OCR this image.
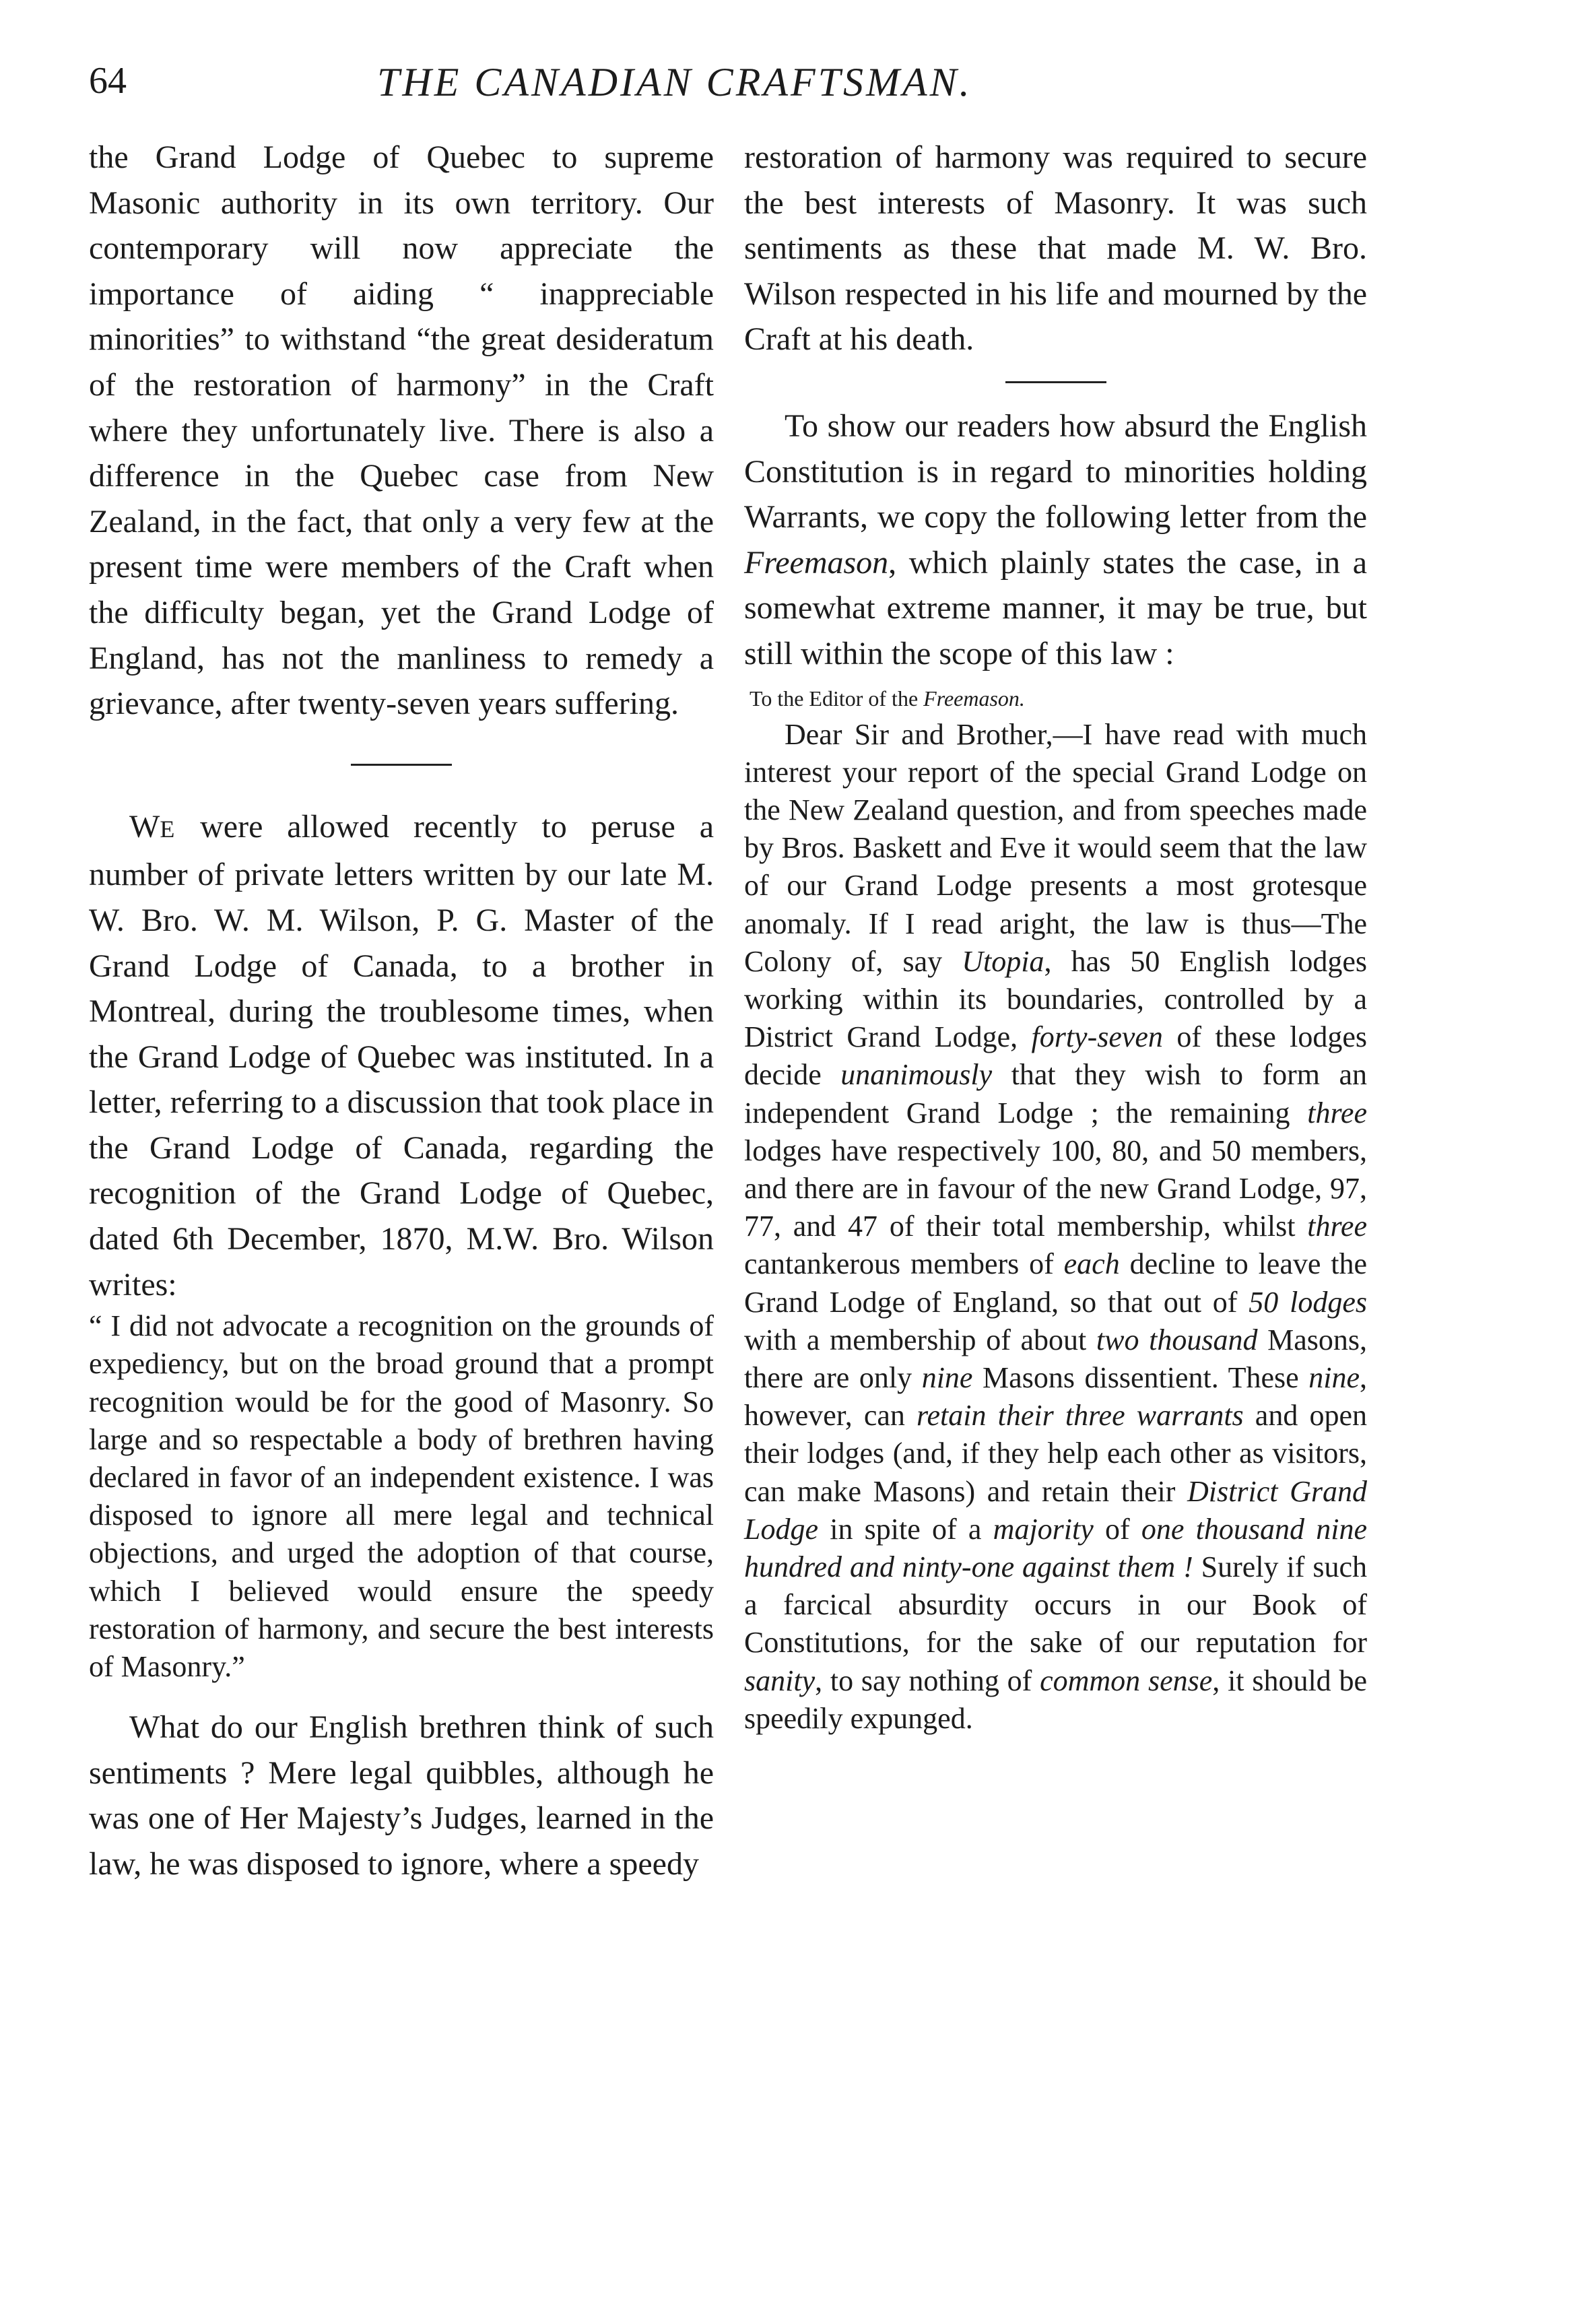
64	THE CANADIAN CRAFTSMAN.

the Grand Lodge of Quebec to supreme Masonic authority in its own territory. Our contemporary will now appreciate the importance of aiding “ inappreciable minorities” to withstand “the great desideratum of the restoration of harmony” in the Craft where they unfortunately live. There is also a difference in the Quebec case from New Zealand, in the fact, that only a very few at the present time were members of the Craft when the difficulty began, yet the Grand Lodge of England, has not the manliness to remedy a grievance, after twenty-seven years suffering.

WE were allowed recently to peruse a number of private letters written by our late M. W. Bro. W. M. Wilson, P. G. Master of the Grand Lodge of Canada, to a brother in Montreal, during the troublesome times, when the Grand Lodge of Quebec was instituted. In a letter, referring to a discussion that took place in the Grand Lodge of Canada, regarding the recognition of the Grand Lodge of Quebec, dated 6th December, 1870, M.W. Bro. Wilson writes:

“ I did not advocate a recognition on the grounds of expediency, but on the broad ground that a prompt recognition would be for the good of Masonry. So large and so respectable a body of brethren having declared in favor of an independent existence. I was disposed to ignore all mere legal and technical objections, and urged the adoption of that course, which I believed would ensure the speedy restoration of harmony, and secure the best interests of Masonry.”

What do our English brethren think of such sentiments ? Mere legal quibbles, although he was one of Her Majesty’s Judges, learned in the law, he was disposed to ignore, where a speedy

restoration of harmony was required to secure the best interests of Masonry. It was such sentiments as these that made M. W. Bro. Wilson respected in his life and mourned by the Craft at his death.

To show our readers how absurd the English Constitution is in regard to minorities holding Warrants, we copy the following letter from the Freemason, which plainly states the case, in a somewhat extreme manner, it may be true, but still within the scope of this law :

To the Editor of the Freemason.

Dear Sir and Brother,—I have read with much interest your report of the special Grand Lodge on the New Zealand question, and from speeches made by Bros. Baskett and Eve it would seem that the law of our Grand Lodge presents a most grotesque anomaly. If I read aright, the law is thus—The Colony of, say Utopia, has 50 English lodges working within its boundaries, controlled by a District Grand Lodge, forty-seven of these lodges decide unanimously that they wish to form an independent Grand Lodge ; the remaining three lodges have respectively 100, 80, and 50 members, and there are in favour of the new Grand Lodge, 97, 77, and 47 of their total membership, whilst three cantankerous members of each decline to leave the Grand Lodge of England, so that out of 50 lodges with a membership of about two thousand Masons, there are only nine Masons dissentient. These nine, however, can retain their three warrants and open their lodges (and, if they help each other as visitors, can make Masons) and retain their District Grand Lodge in spite of a majority of one thousand nine hundred and ninty-one against them ! Surely if such a farcical absurdity occurs in our Book of Constitutions, for the sake of our reputation for sanity, to say nothing of common sense, it should be speedily expunged.
